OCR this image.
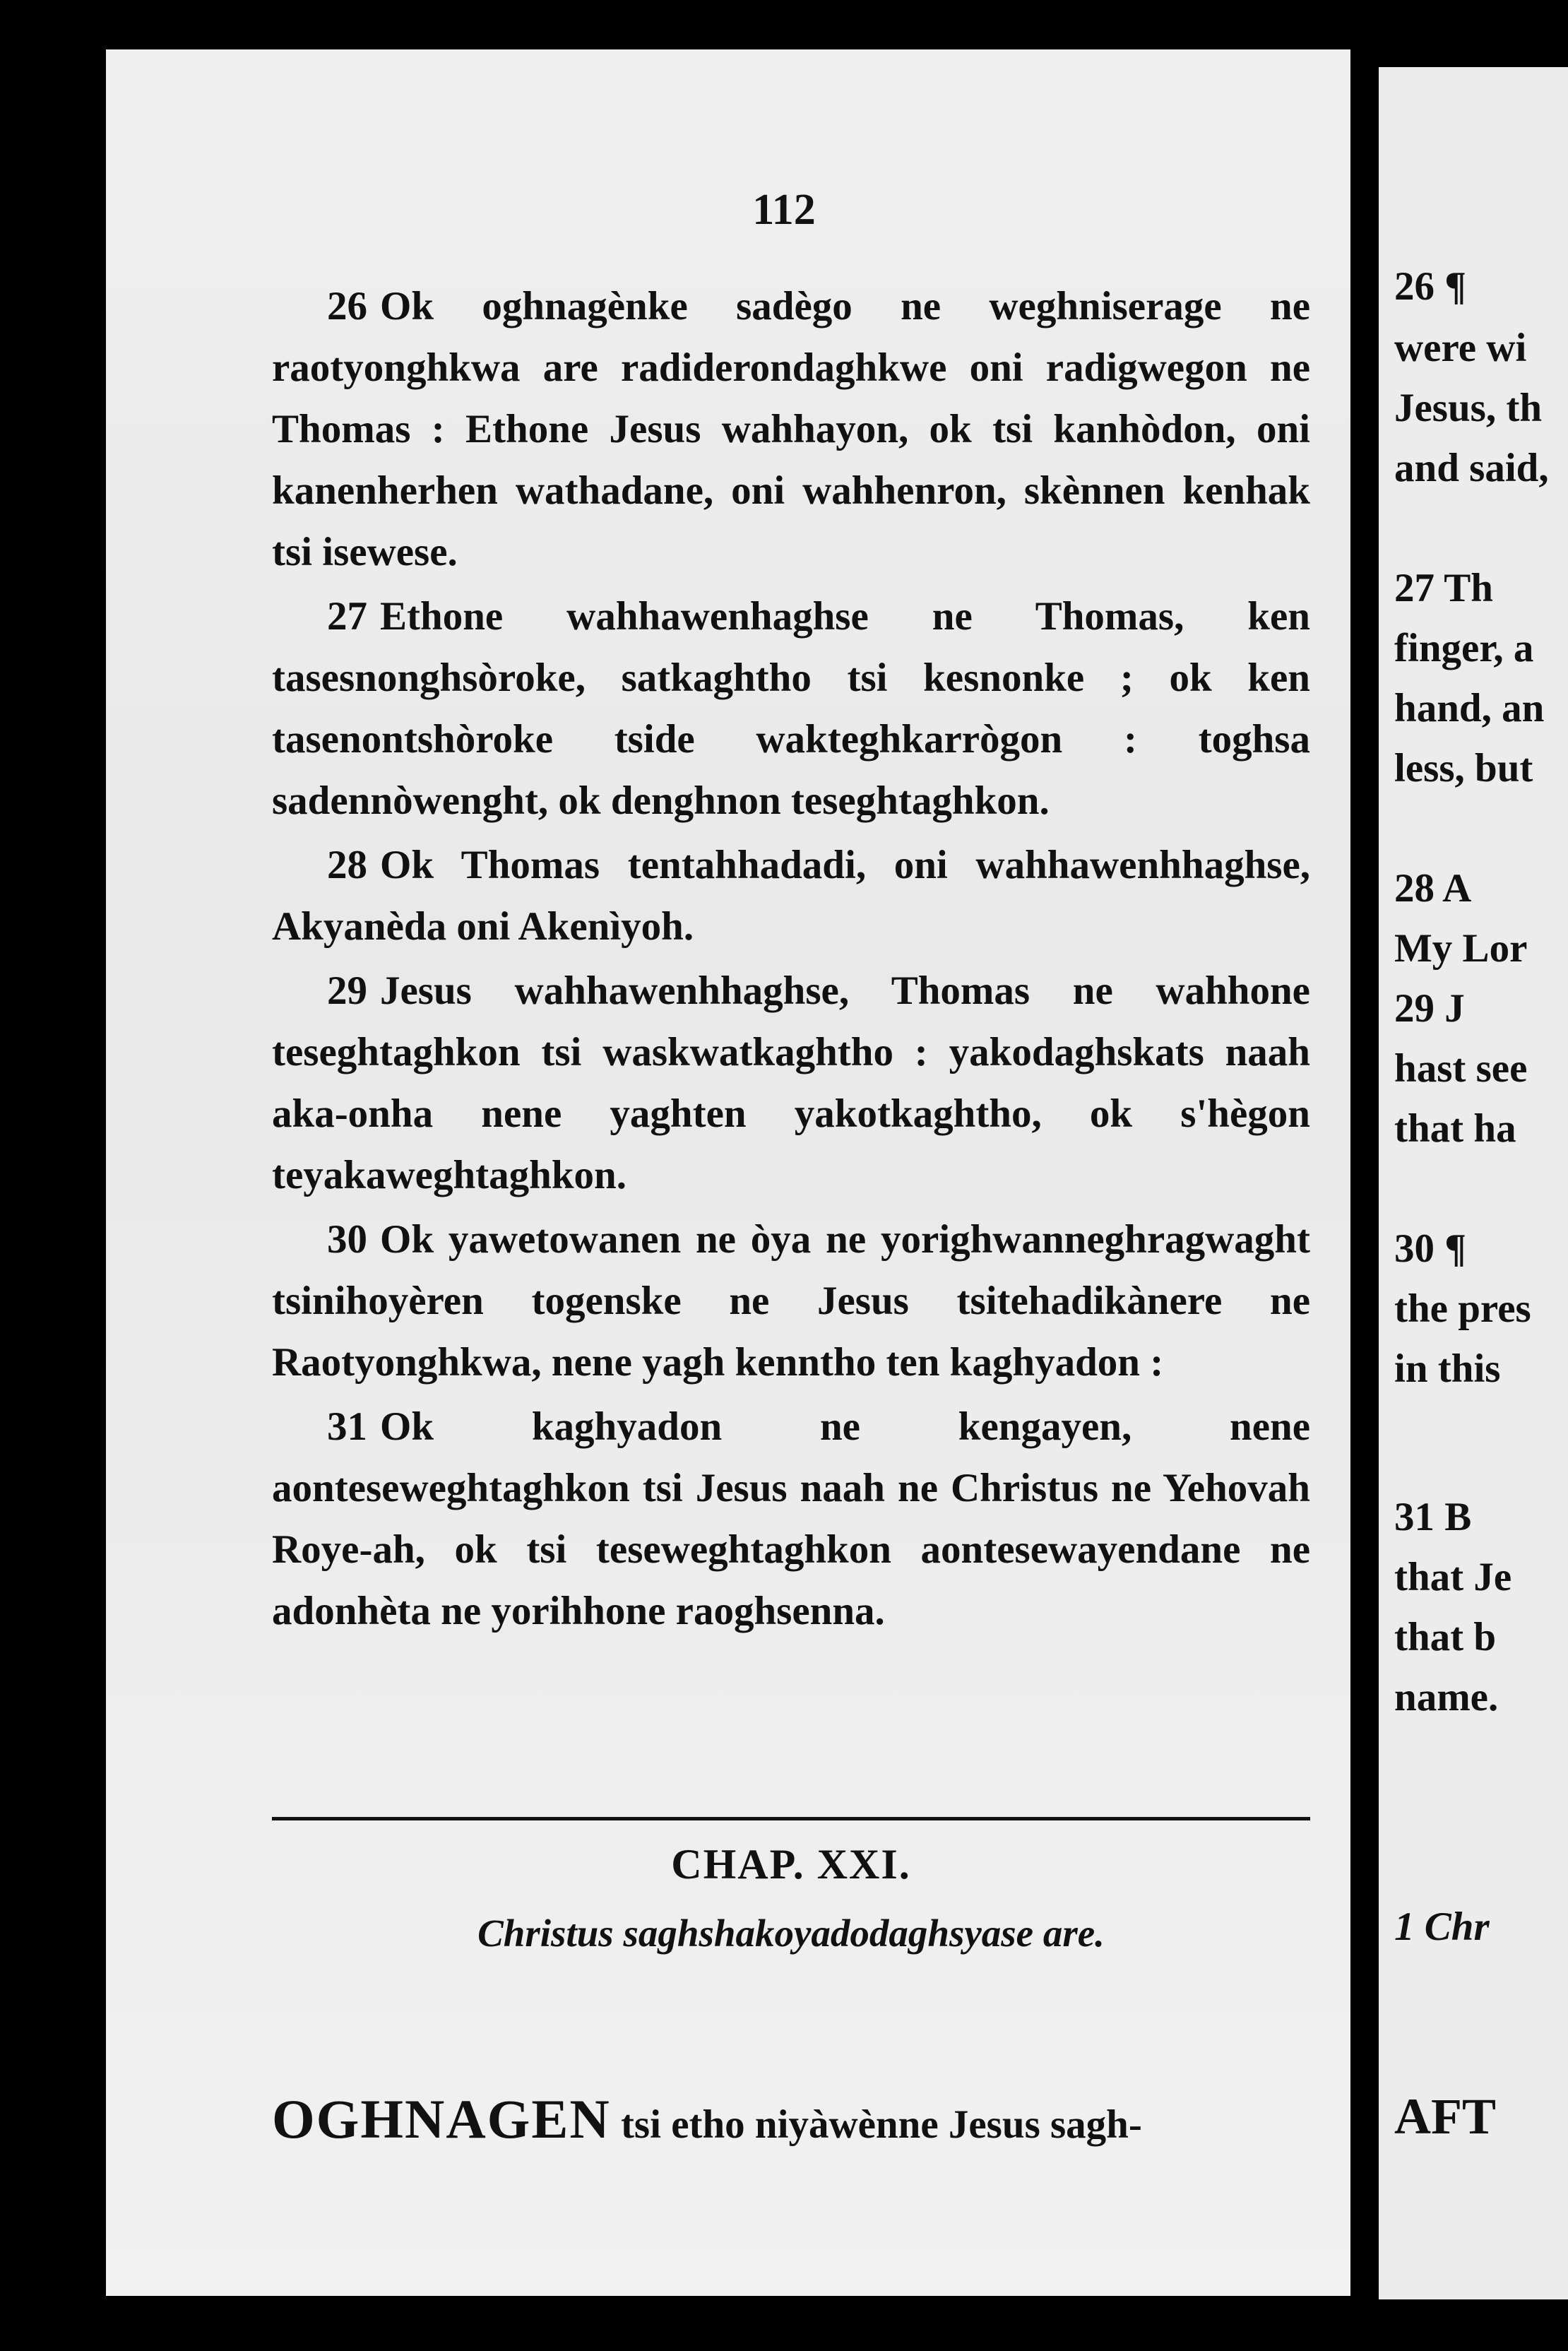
26 ¶
were wi
Jesus, th
and said,
27 Th
finger, a
hand, an
less, but
28 A
My Lor
29 J
hast see
that ha
30 ¶
the pres
in this
31 B
that Je
that b
name.
1 Chr
AFT
112

26 Ok oghnagènke sadègo ne weghniserage ne raotyonghkwa are radiderondaghkwe oni radigwegon ne Thomas : Ethone Jesus wahhayon, ok tsi kanhòdon, oni kanenherhen wathadane, oni wahhenron, skènnen kenhak tsi isewese.

27 Ethone wahhawenhaghse ne Thomas, ken tasesnonghsòroke, satkaghtho tsi kesnonke ; ok ken tasenontshòroke tside wakteghkarrògon : toghsa sadennòwenght, ok denghnon teseghtaghkon.

28 Ok Thomas tentahhadadi, oni wahhawenhhaghse, Akyanèda oni Akenìyoh.

29 Jesus wahhawenhhaghse, Thomas ne wahhone teseghtaghkon tsi waskwatkaghtho : yakodaghskats naah aka-onha nene yaghten yakotkaghtho, ok s'hègon teyakaweghtaghkon.

30 Ok yawetowanen ne òya ne yorighwanneghragwaght tsinihoyèren togenske ne Jesus tsitehadikànere ne Raotyonghkwa, nene yagh kenntho ten kaghyadon :

31 Ok kaghyadon ne kengayen, nene aonteseweghtaghkon tsi Jesus naah ne Christus ne Yehovah Roye-ah, ok tsi teseweghtaghkon aontesewayendane ne adonhèta ne yorihhone raoghsenna.

CHAP. XXI.
Christus saghshakoyadodaghsyase are.
OGHNAGEN tsi etho niyàwènne Jesus sagh-
